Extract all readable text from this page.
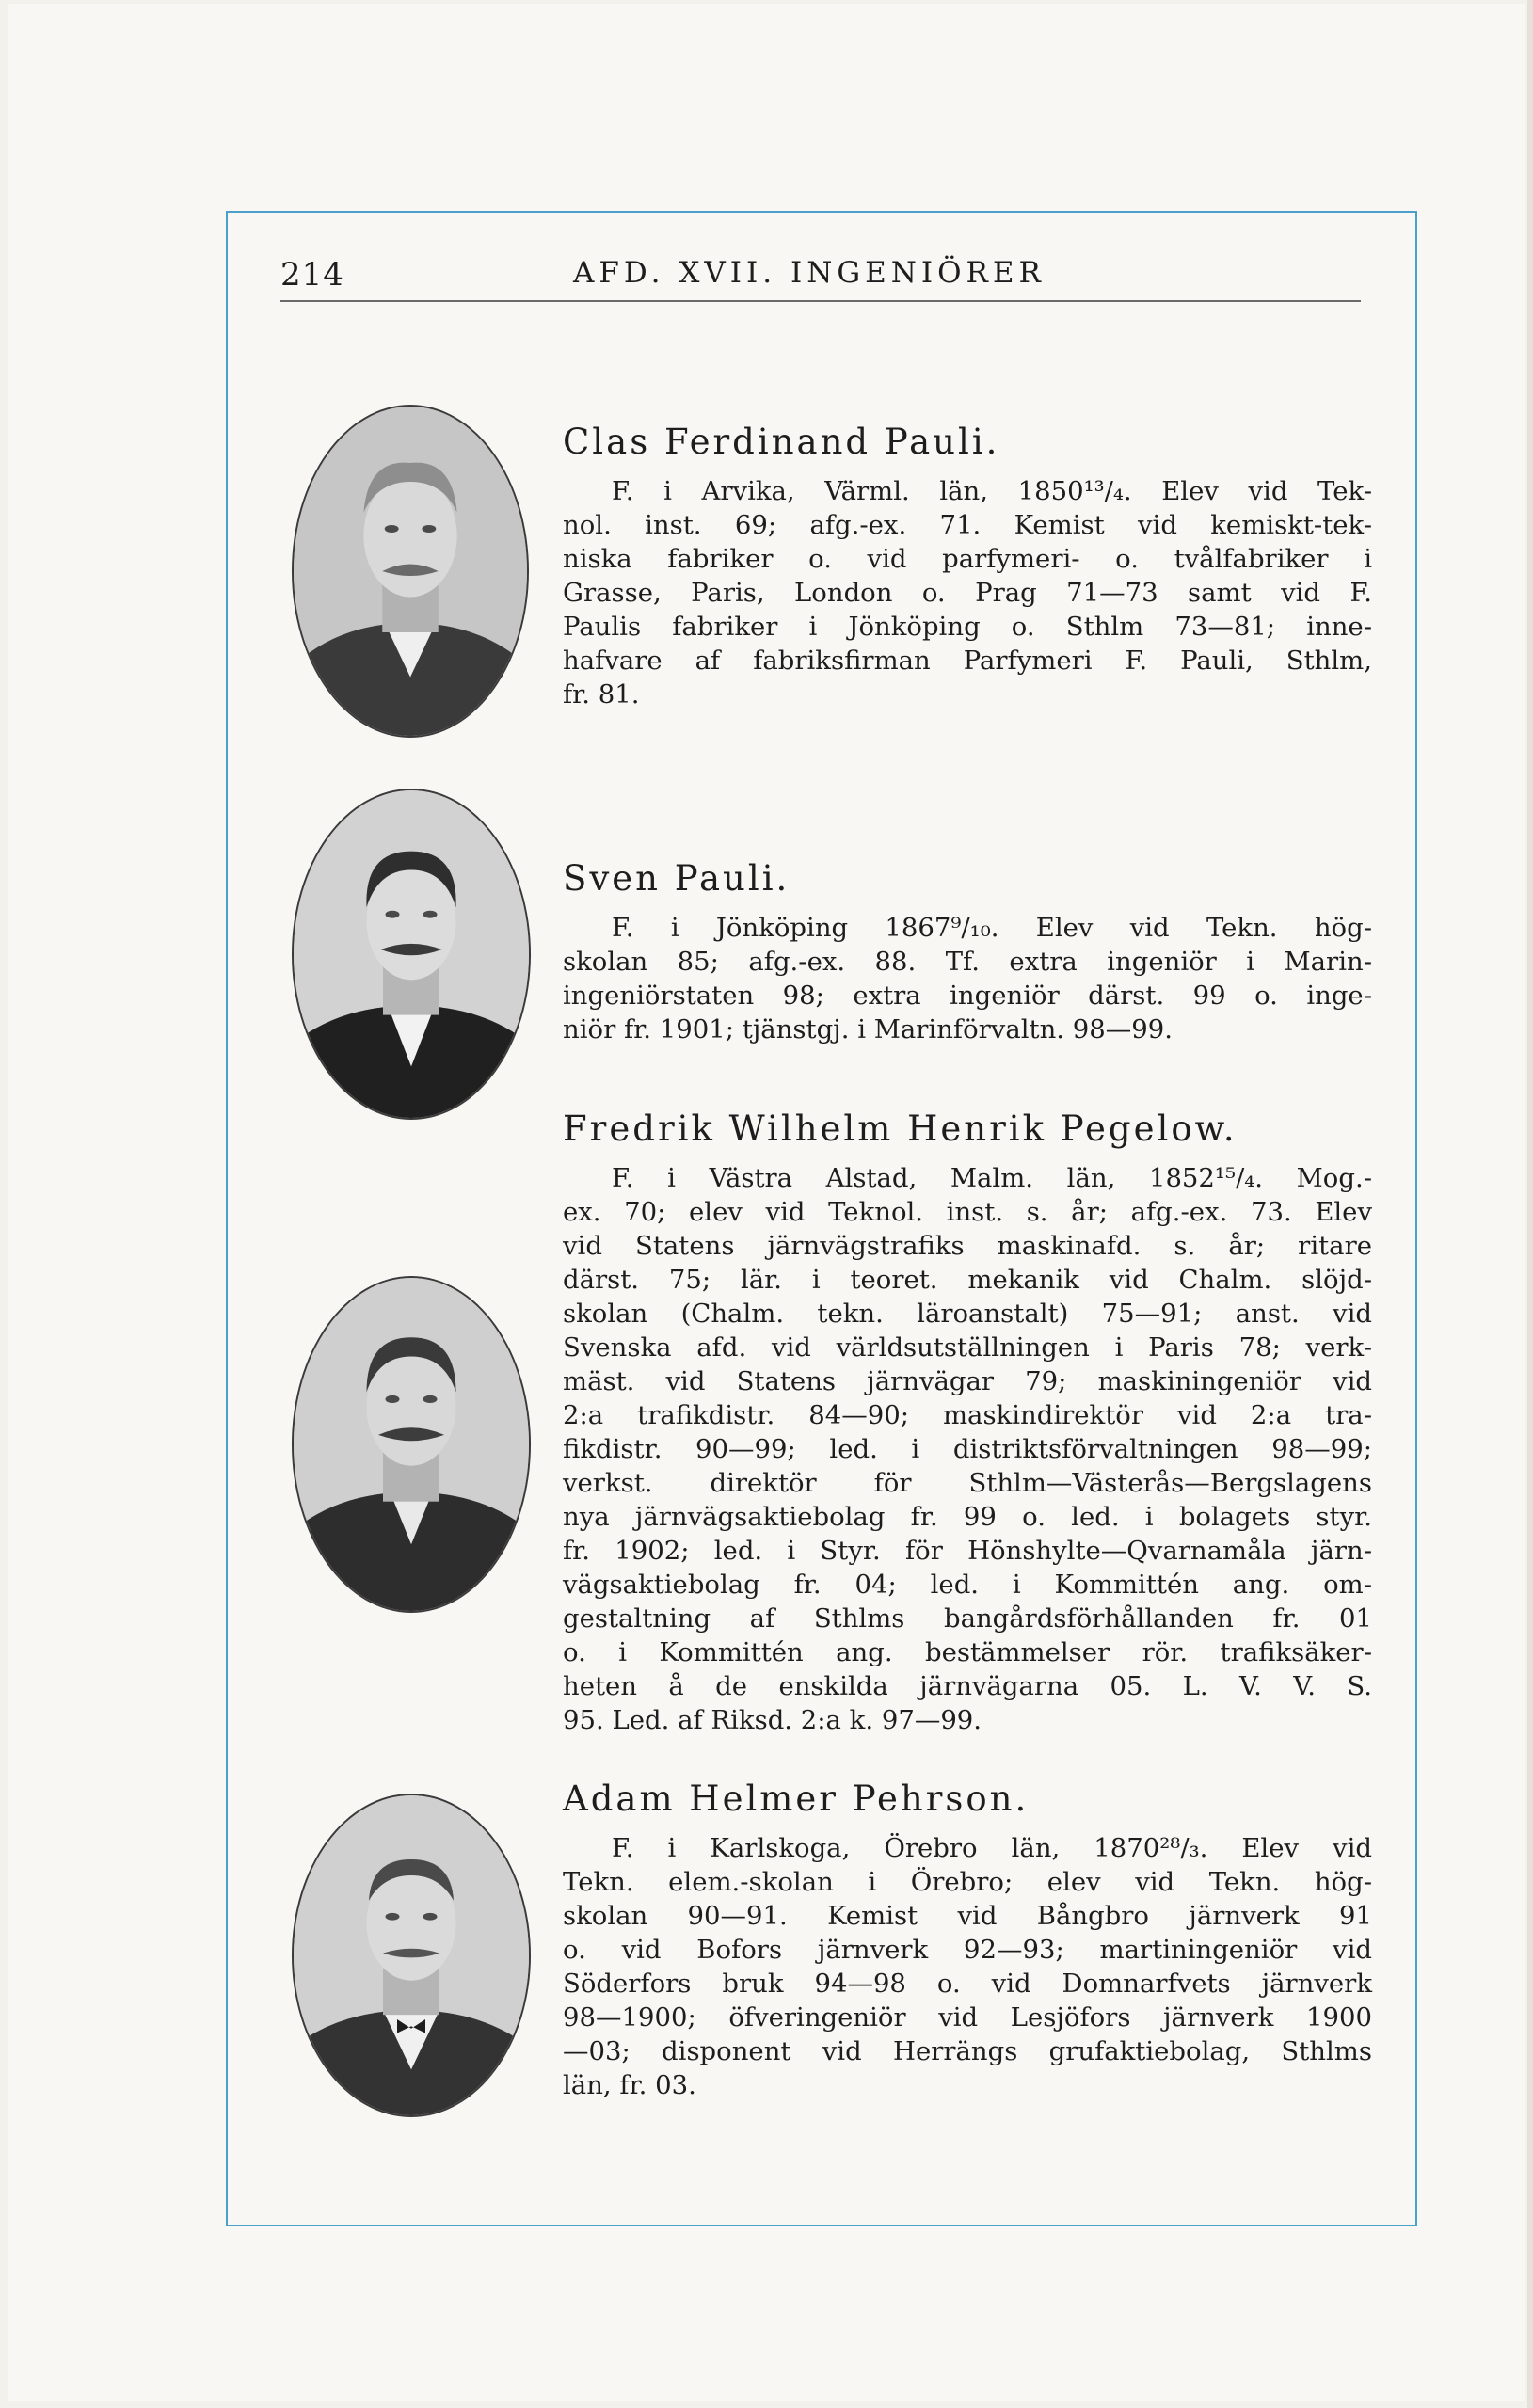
214	AFD. XVII. INGENIÖRER
Clas Ferdinand Pauli.
F. i Arvika, Värml. län, 1850¹³/₄. Elev vid Tek-
nol. inst. 69; afg.-ex. 71. Kemist vid kemiskt-tek-
niska fabriker o. vid parfymeri- o. tvålfabriker i
Grasse, Paris, London o. Prag 71—73 samt vid F.
Paulis fabriker i Jönköping o. Sthlm 73—81; inne-
hafvare af fabriksfirman Parfymeri F. Pauli, Sthlm,
fr. 81.
Sven Pauli.
F. i Jönköping 1867⁹/₁₀. Elev vid Tekn. hög-
skolan 85; afg.-ex. 88. Tf. extra ingeniör i Marin-
ingeniörstaten 98; extra ingeniör därst. 99 o. inge-
niör fr. 1901; tjänstgj. i Marinförvaltn. 98—99.
Fredrik Wilhelm Henrik Pegelow.
F. i Västra Alstad, Malm. län, 1852¹⁵/₄. Mog.-
ex. 70; elev vid Teknol. inst. s. år; afg.-ex. 73. Elev
vid Statens järnvägstrafiks maskinafd. s. år; ritare
därst. 75; lär. i teoret. mekanik vid Chalm. slöjd-
skolan (Chalm. tekn. läroanstalt) 75—91; anst. vid
Svenska afd. vid världsutställningen i Paris 78; verk-
mäst. vid Statens järnvägar 79; maskiningeniör vid
2:a trafikdistr. 84—90; maskindirektör vid 2:a tra-
fikdistr. 90—99; led. i distriktsförvaltningen 98—99;
verkst. direktör för Sthlm—Västerås—Bergslagens
nya järnvägsaktiebolag fr. 99 o. led. i bolagets styr.
fr. 1902; led. i Styr. för Hönshylte—Qvarnamåla järn-
vägsaktiebolag fr. 04; led. i Kommittén ang. om-
gestaltning af Sthlms bangårdsförhållanden fr. 01
o. i Kommittén ang. bestämmelser rör. trafiksäker-
heten å de enskilda järnvägarna 05. L. V. V. S.
95. Led. af Riksd. 2:a k. 97—99.
Adam Helmer Pehrson.
F. i Karlskoga, Örebro län, 1870²⁸/₃. Elev vid
Tekn. elem.-skolan i Örebro; elev vid Tekn. hög-
skolan 90—91. Kemist vid Bångbro järnverk 91
o. vid Bofors järnverk 92—93; martiningeniör vid
Söderfors bruk 94—98 o. vid Domnarfvets järnverk
98—1900; öfveringeniör vid Lesjöfors järnverk 1900
—03; disponent vid Herrängs grufaktiebolag, Sthlms
län, fr. 03.
